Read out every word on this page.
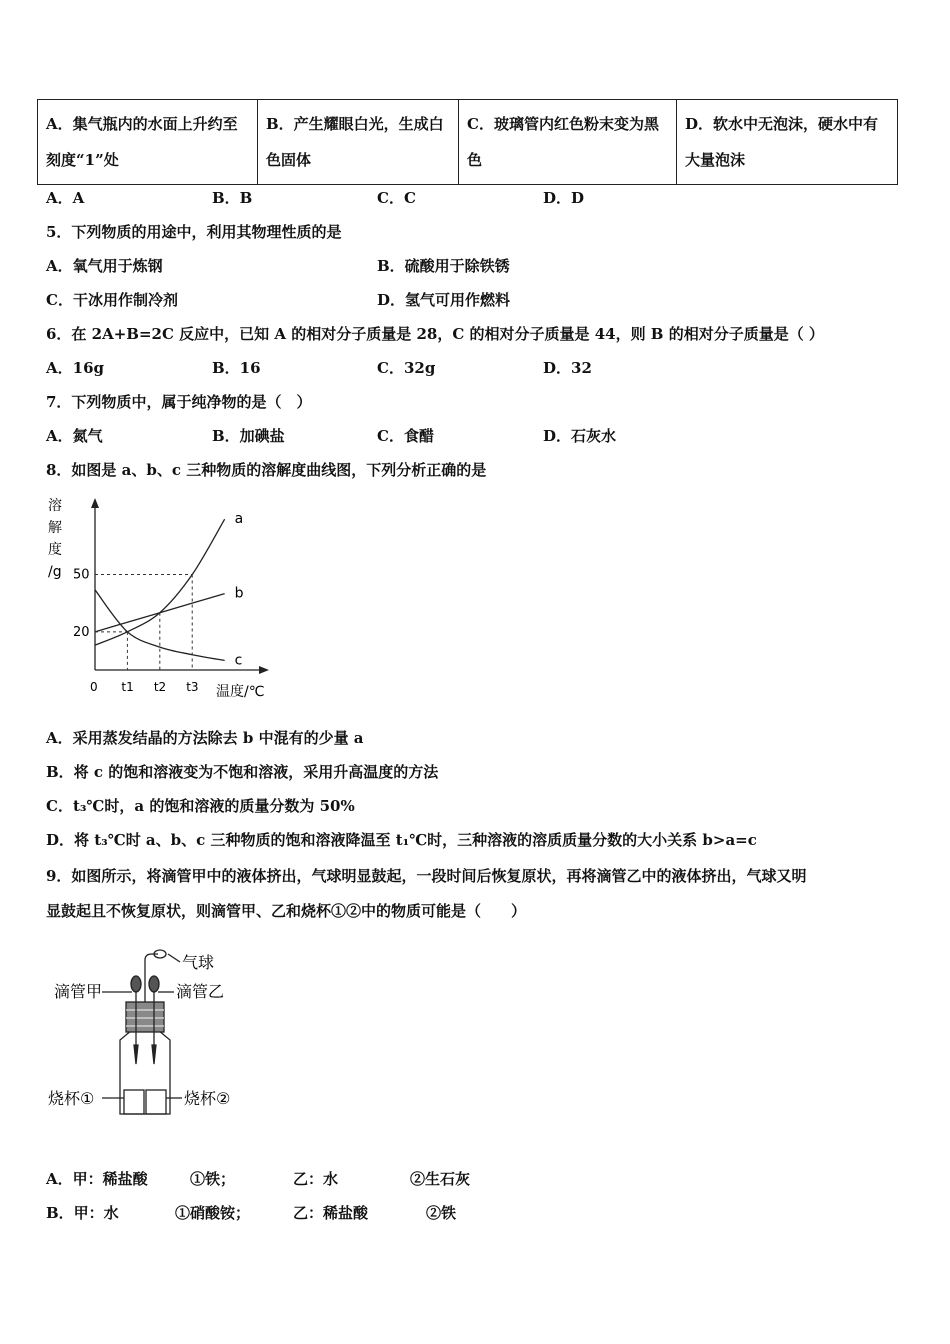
A．集气瓶内的水面上升约至刻度“1”处	B．产生耀眼白光，生成白色固体	C．玻璃管内红色粉末变为黑色	D．软水中无泡沫，硬水中有大量泡沫
A．A	B．B	C．C	D．D
5．下列物质的用途中，利用其物理性质的是
A．氧气用于炼钢	B．硫酸用于除铁锈
C．干冰用作制冷剂	D．氢气可用作燃料
6．在 2A+B=2C 反应中，已知 A 的相对分子质量是 28，C 的相对分子质量是 44，则 B 的相对分子质量是（ ）
A．16g	B．16	C．32g	D．32
7．下列物质中，属于纯净物的是（　）
A．氮气	B．加碘盐	C．食醋	D．石灰水
8．如图是 a、b、c 三种物质的溶解度曲线图，下列分析正确的是
20
50
t1 t2 t3
a
b
c
溶
解
度
/g
0	温度/℃
A．采用蒸发结晶的方法除去 b 中混有的少量 a
B．将 c 的饱和溶液变为不饱和溶液，采用升高温度的方法
C．t₃℃时，a 的饱和溶液的质量分数为 50%
D．将 t₃℃时 a、b、c 三种物质的饱和溶液降温至 t₁℃时，三种溶液的溶质质量分数的大小关系 b>a=c
9．如图所示，将滴管甲中的液体挤出，气球明显鼓起，一段时间后恢复原状，再将滴管乙中的液体挤出，气球又明
显鼓起且不恢复原状，则滴管甲、乙和烧杯①②中的物质可能是（　　）
气球
滴管甲	滴管乙
烧杯①	烧杯②
A．甲：稀盐酸	①铁；	乙：水	②生石灰
B．甲：水	①硝酸铵；	乙：稀盐酸	②铁
